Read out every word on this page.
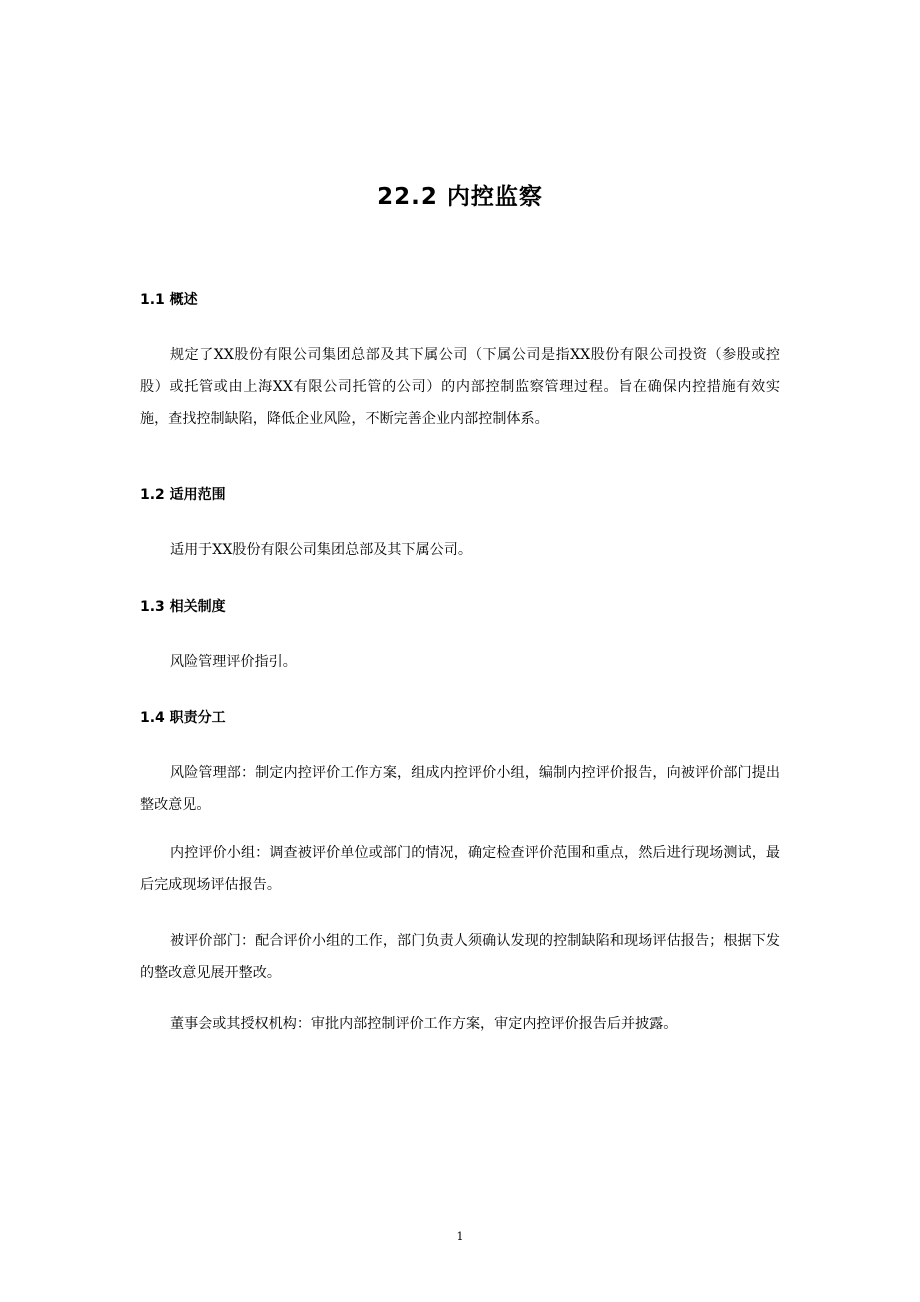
22.2 内控监察
1.1 概述

规定了XX股份有限公司集团总部及其下属公司（下属公司是指XX股份有限公司投资（参股或控股）或托管或由上海XX有限公司托管的公司）的内部控制监察管理过程。旨在确保内控措施有效实施，查找控制缺陷，降低企业风险，不断完善企业内部控制体系。

1.2 适用范围

适用于XX股份有限公司集团总部及其下属公司。

1.3 相关制度

风险管理评价指引。

1.4 职责分工

风险管理部：制定内控评价工作方案，组成内控评价小组，编制内控评价报告，向被评价部门提出整改意见。

内控评价小组：调查被评价单位或部门的情况，确定检查评价范围和重点，然后进行现场测试，最后完成现场评估报告。

被评价部门：配合评价小组的工作，部门负责人须确认发现的控制缺陷和现场评估报告；根据下发的整改意见展开整改。

董事会或其授权机构：审批内部控制评价工作方案，审定内控评价报告后并披露。

1
